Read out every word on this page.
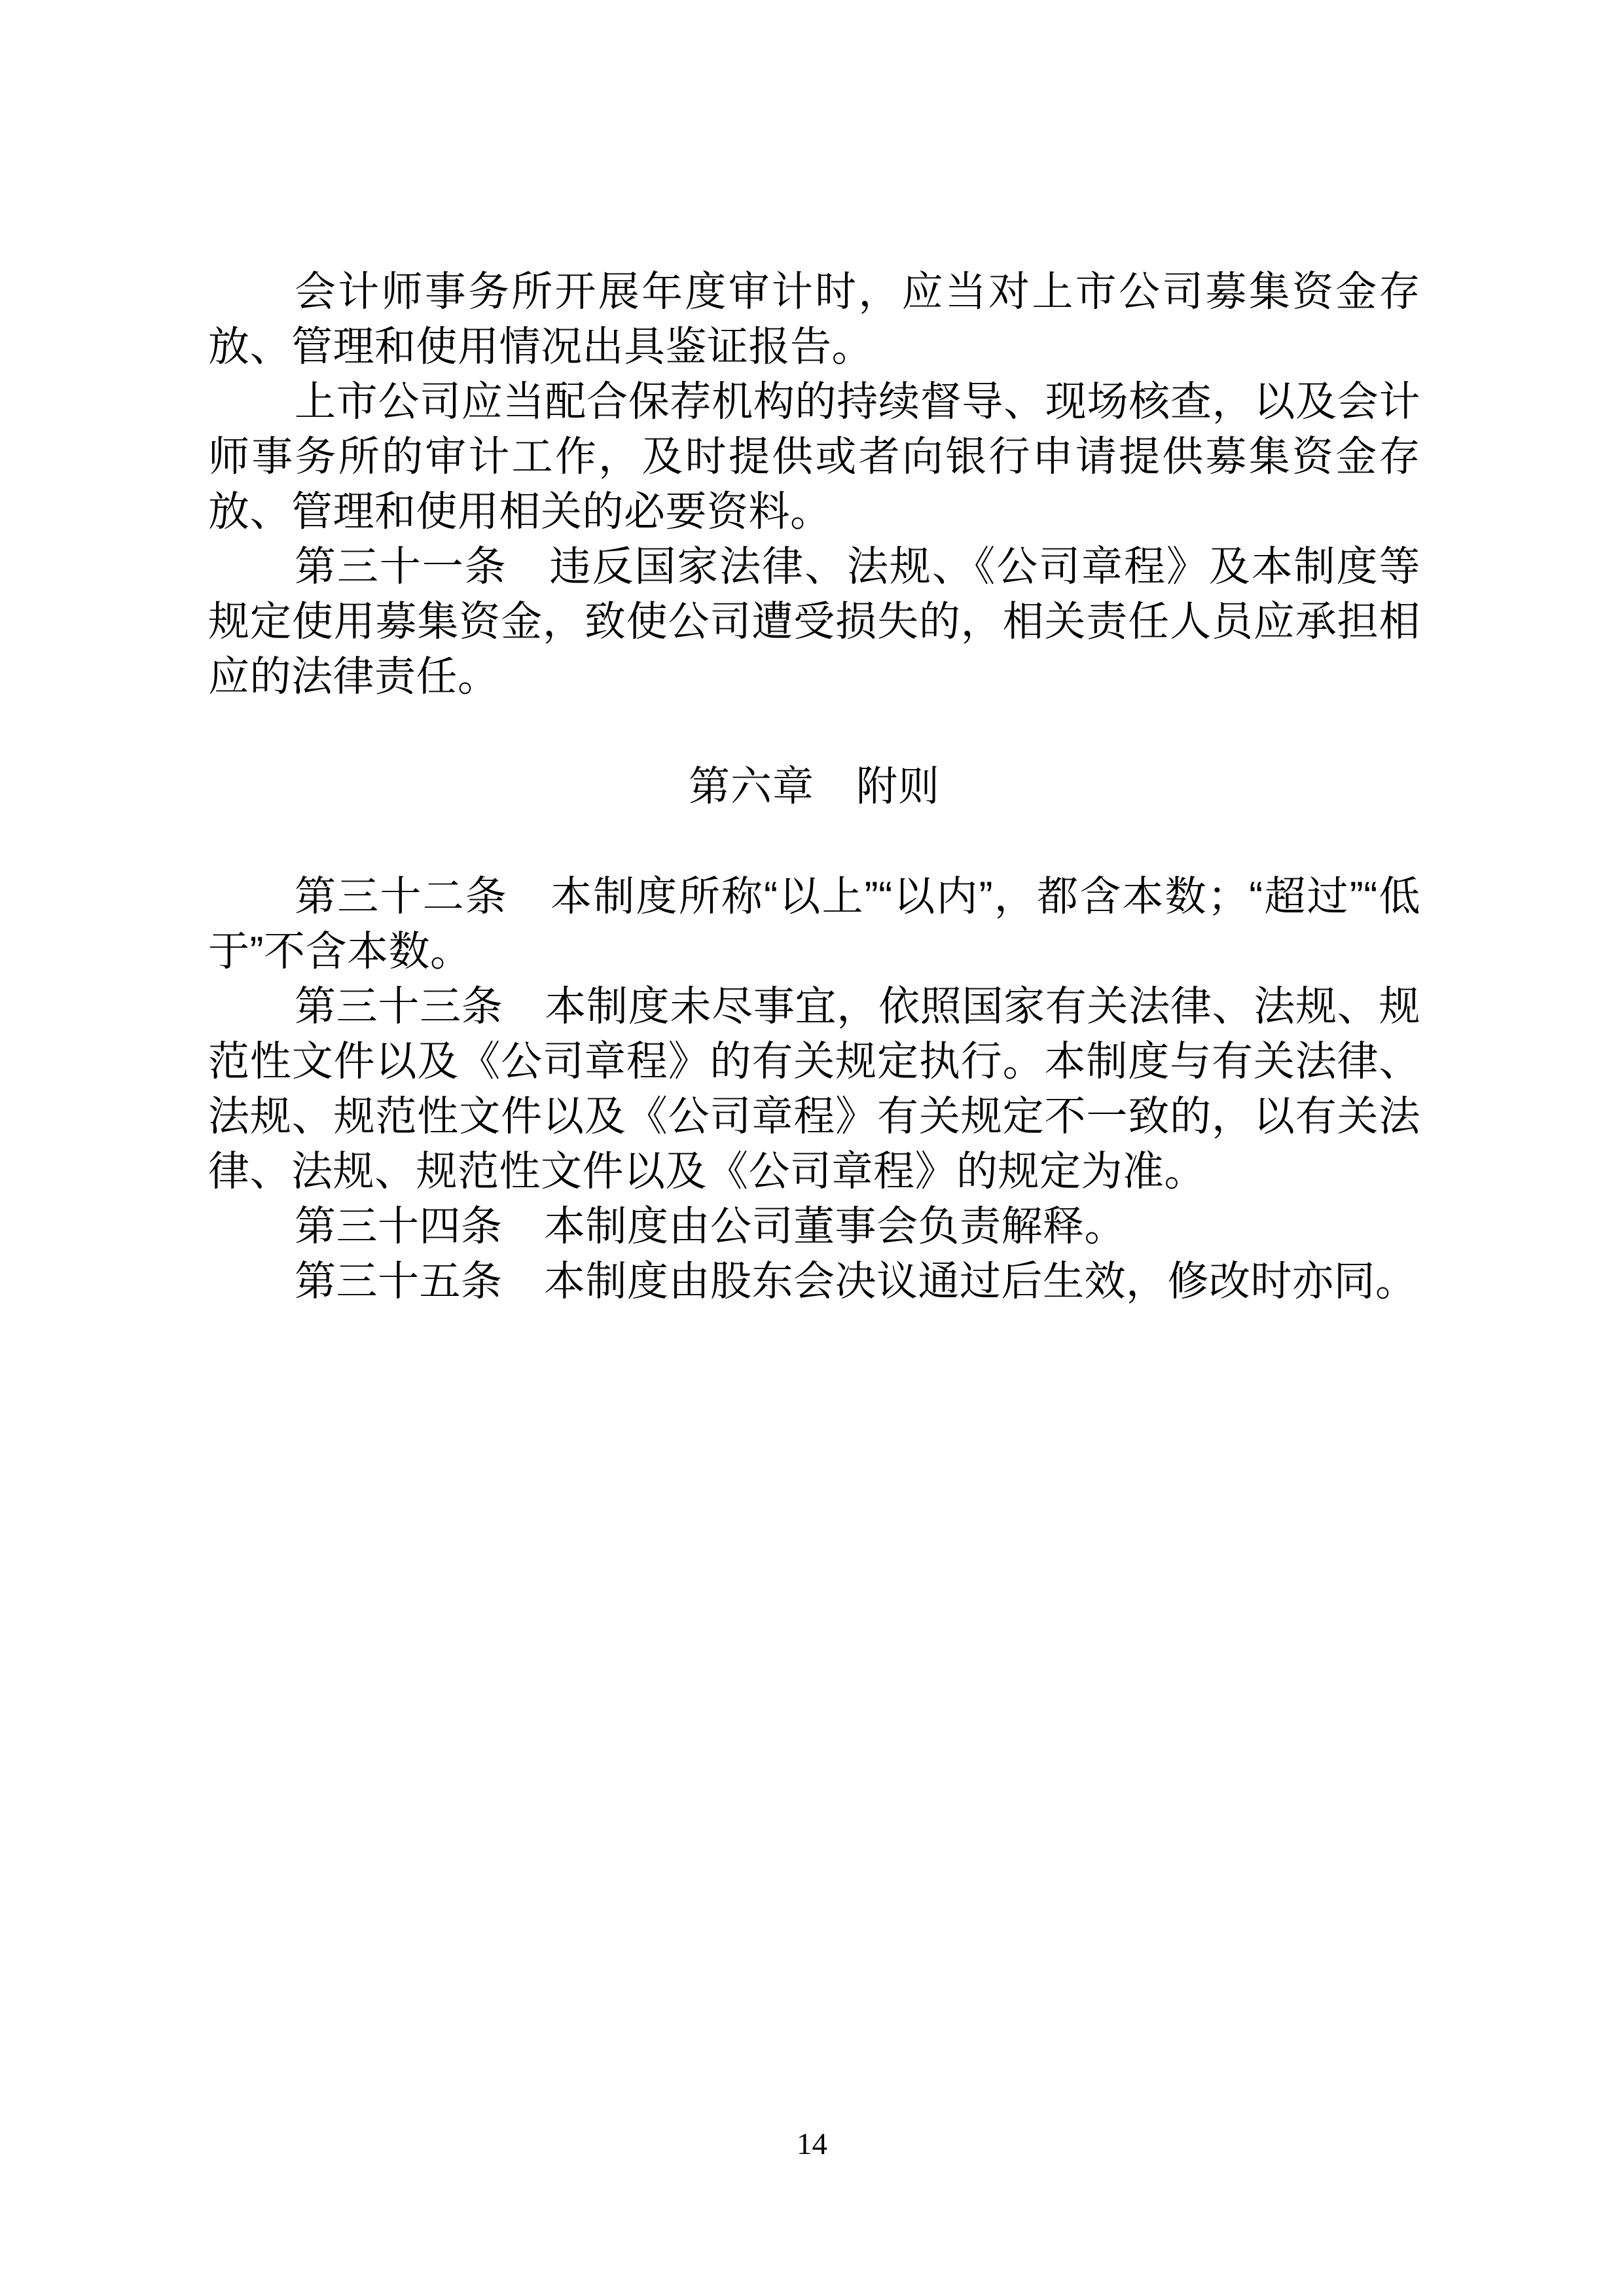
会计师事务所开展年度审计时，应当对上市公司募集资金存放、管理和使用情况出具鉴证报告。

上市公司应当配合保荐机构的持续督导、现场核查，以及会计师事务所的审计工作，及时提供或者向银行申请提供募集资金存放、管理和使用相关的必要资料。

第三十一条　违反国家法律、法规、《公司章程》及本制度等规定使用募集资金，致使公司遭受损失的，相关责任人员应承担相应的法律责任。

第六章　附则

第三十二条　本制度所称“以上”“以内”，都含本数；“超过”“低于”不含本数。

第三十三条　本制度未尽事宜，依照国家有关法律、法规、规范性文件以及《公司章程》的有关规定执行。本制度与有关法律、法规、规范性文件以及《公司章程》有关规定不一致的，以有关法律、法规、规范性文件以及《公司章程》的规定为准。

第三十四条　本制度由公司董事会负责解释。

第三十五条　本制度由股东会决议通过后生效，修改时亦同。

14
